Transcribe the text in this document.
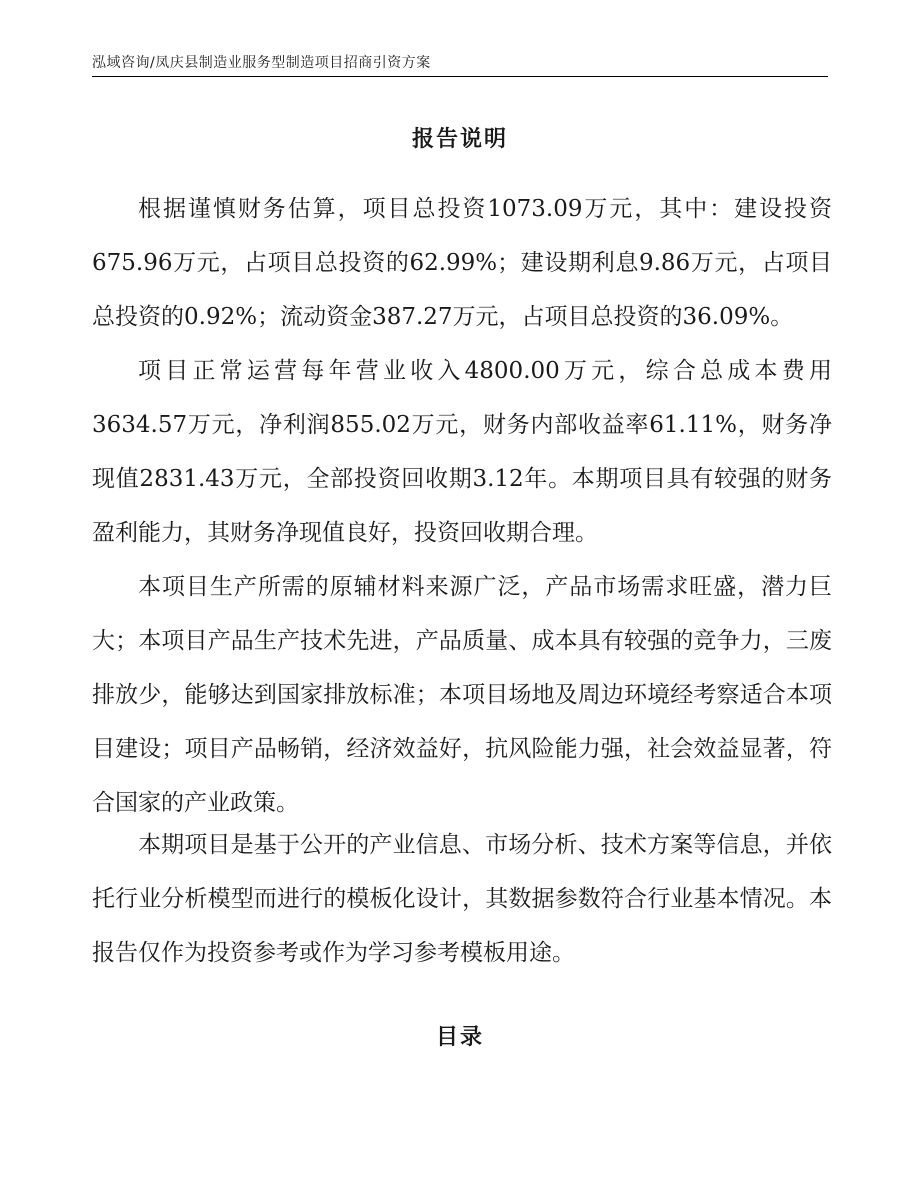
泓域咨询/凤庆县制造业服务型制造项目招商引资方案
报告说明

根据谨慎财务估算，项目总投资1073.09万元，其中：建设投资675.96万元，占项目总投资的62.99%；建设期利息9.86万元，占项目总投资的0.92%；流动资金387.27万元，占项目总投资的36.09%。

项目正常运营每年营业收入4800.00万元，综合总成本费用3634.57万元，净利润855.02万元，财务内部收益率61.11%，财务净现值2831.43万元，全部投资回收期3.12年。本期项目具有较强的财务盈利能力，其财务净现值良好，投资回收期合理。

本项目生产所需的原辅材料来源广泛，产品市场需求旺盛，潜力巨大；本项目产品生产技术先进，产品质量、成本具有较强的竞争力，三废排放少，能够达到国家排放标准；本项目场地及周边环境经考察适合本项目建设；项目产品畅销，经济效益好，抗风险能力强，社会效益显著，符合国家的产业政策。

本期项目是基于公开的产业信息、市场分析、技术方案等信息，并依托行业分析模型而进行的模板化设计，其数据参数符合行业基本情况。本报告仅作为投资参考或作为学习参考模板用途。

目录
